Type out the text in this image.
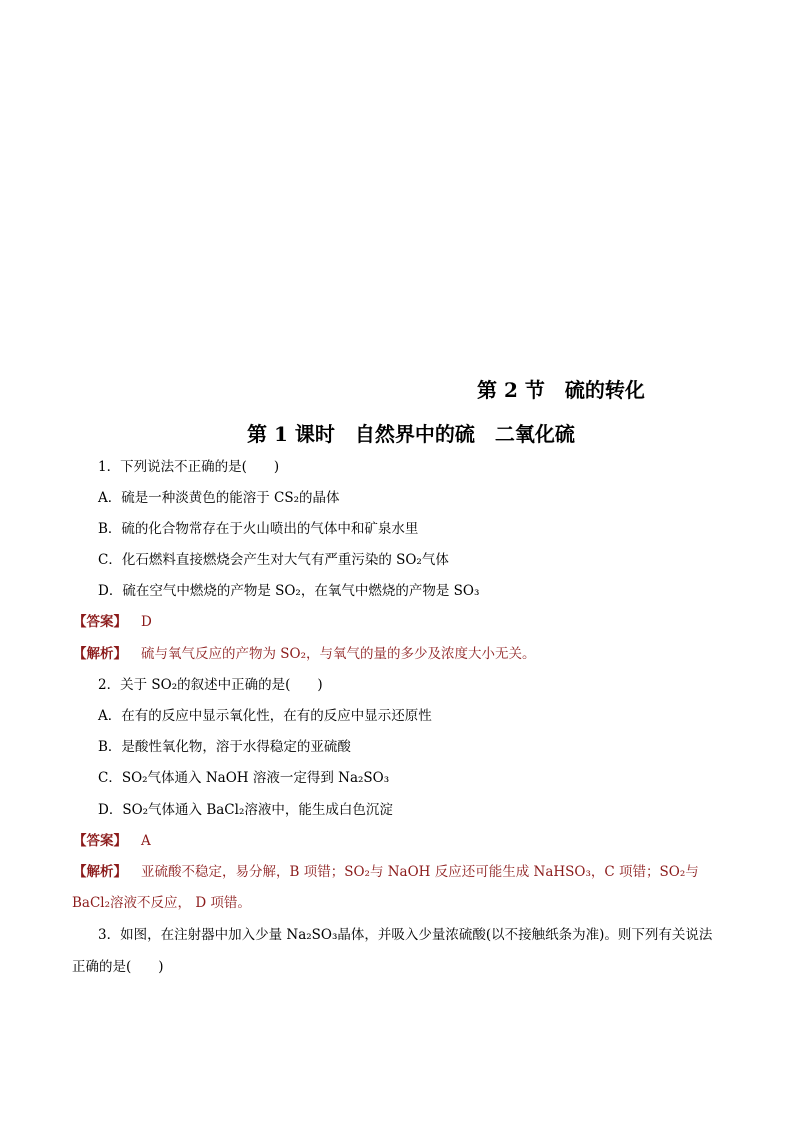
第 2 节　硫的转化
第 1 课时　自然界中的硫　二氧化硫
1．下列说法不正确的是(　　)
A．硫是一种淡黄色的能溶于 CS₂的晶体
B．硫的化合物常存在于火山喷出的气体中和矿泉水里
C．化石燃料直接燃烧会产生对大气有严重污染的 SO₂气体
D．硫在空气中燃烧的产物是 SO₂，在氧气中燃烧的产物是 SO₃
【答案】 D
【解析】 硫与氧气反应的产物为 SO₂，与氧气的量的多少及浓度大小无关。
2．关于 SO₂的叙述中正确的是(　　)
A．在有的反应中显示氧化性，在有的反应中显示还原性
B．是酸性氧化物，溶于水得稳定的亚硫酸
C．SO₂气体通入 NaOH 溶液一定得到 Na₂SO₃
D．SO₂气体通入 BaCl₂溶液中，能生成白色沉淀
【答案】 A
【解析】 亚硫酸不稳定，易分解，B 项错；SO₂与 NaOH 反应还可能生成 NaHSO₃，C 项错；SO₂与
BaCl₂溶液不反应， D 项错。
3．如图，在注射器中加入少量 Na₂SO₃晶体，并吸入少量浓硫酸(以不接触纸条为准)。则下列有关说法
正确的是(　　)
